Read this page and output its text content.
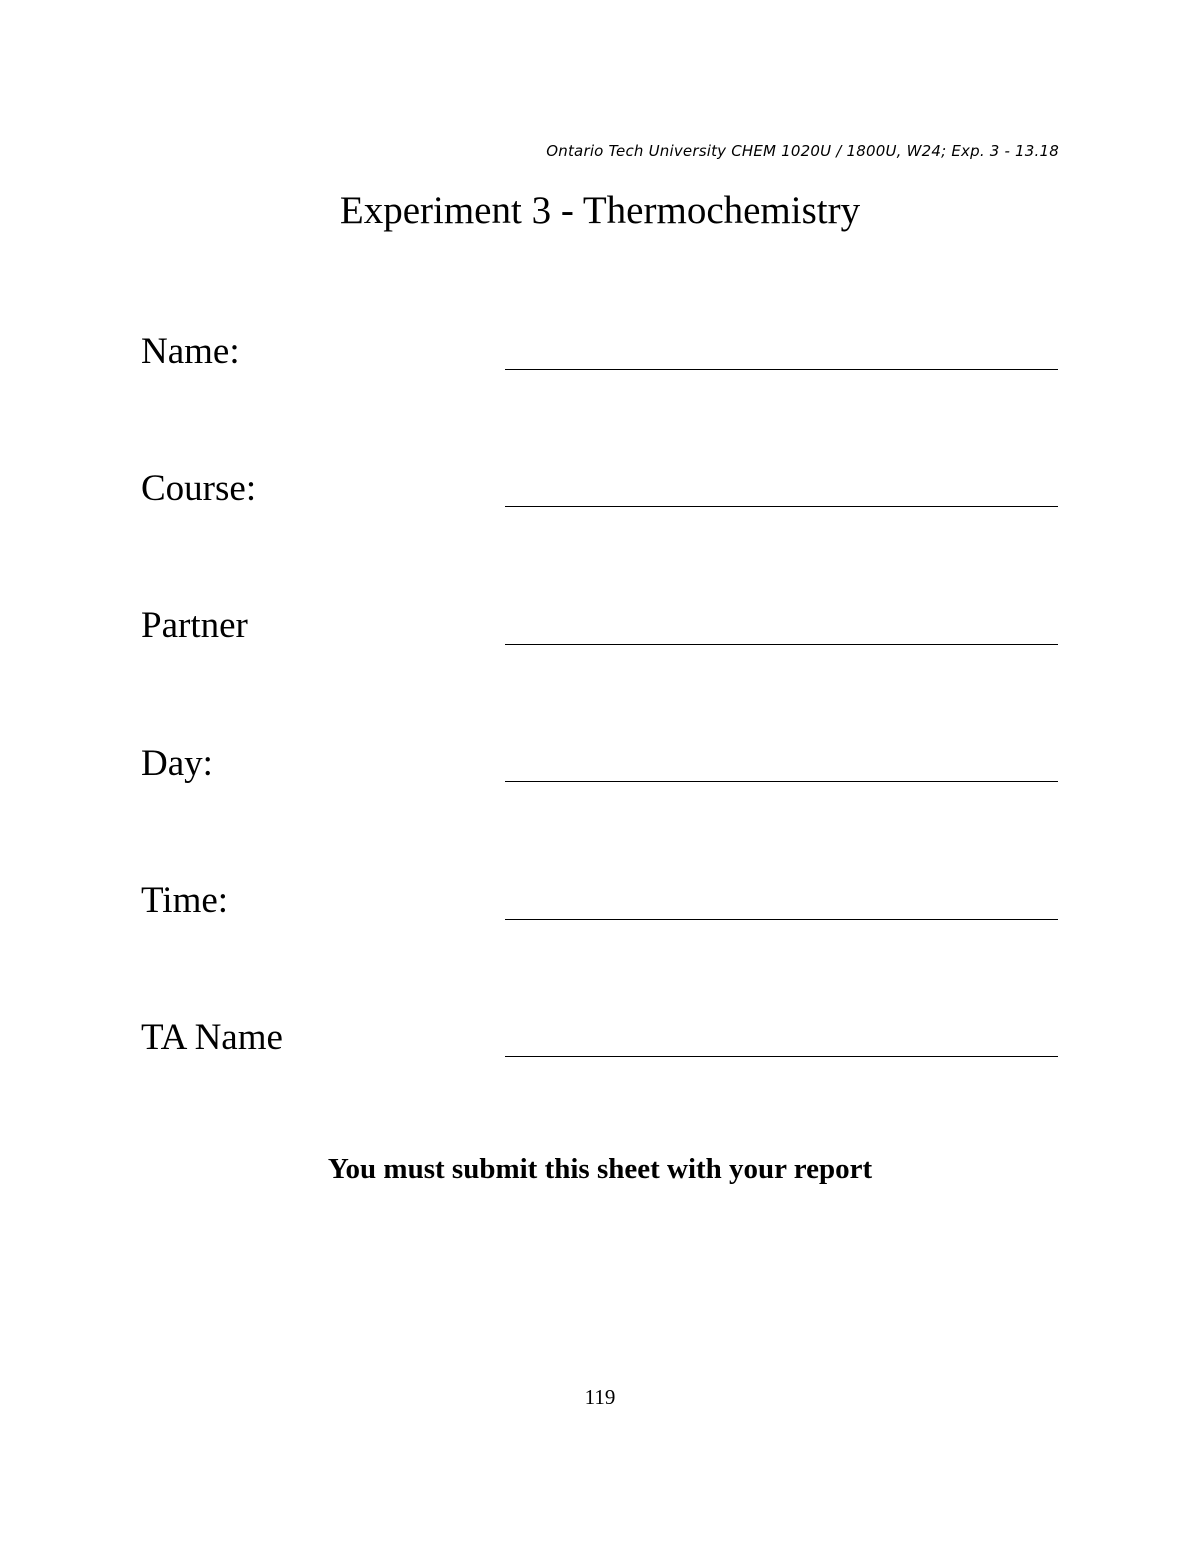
Ontario Tech University CHEM 1020U / 1800U, W24; Exp. 3 - 13.18
Experiment 3 - Thermochemistry
Name:
Course:
Partner
Day:
Time:
TA Name
You must submit this sheet with your report
119
